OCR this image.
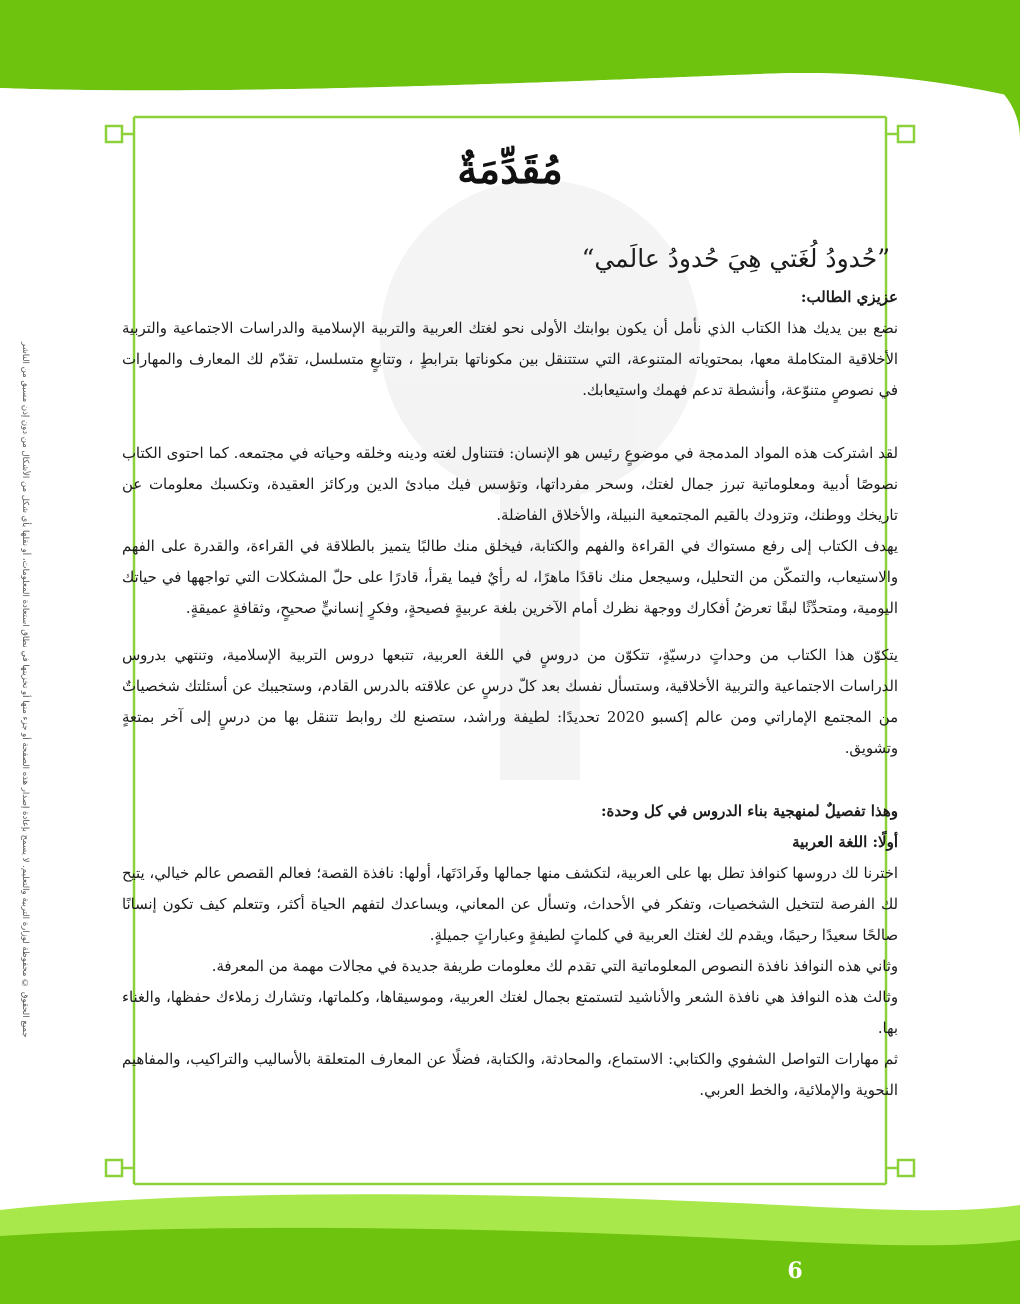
جميع الحقوق © محفوظة لوزارة التربية والتعليم. لا يسمح بإعادة إصدار هذه الصفحة أو جزء منها أو تخزينها في نطاق استعادة المعلومات، أو نقلها بأي شكل من الأشكال من دون إذن مسبق من الناشر
مُقَدِّمَةٌ
”حُدودُ لُغَتي هِيَ حُدودُ عالَمي“

عزيزي الطالب:

نضع بين يديك هذا الكتاب الذي نأمل أن يكون بوابتك الأولى نحو لغتك العربية والتربية الإسلامية والدراسات الاجتماعية والتربية الأخلاقية المتكاملة معها، بمحتوياته المتنوعة، التي ستتنقل بين مكوناتها بترابطٍ ، وتتابعٍ متسلسل، تقدّم لك المعارف والمهارات في نصوصٍ متنوّعة، وأنشطة تدعم فهمك واستيعابك.

لقد اشتركت هذه المواد المدمجة في موضوعٍ رئيس هو الإنسان: فتتناول لغته ودينه وخلقه وحياته في مجتمعه. كما احتوى الكتاب نصوصًا أدبية ومعلوماتية تبرز جمال لغتك، وسحر مفرداتها، وتؤسس فيك مبادئ الدين وركائز العقيدة، وتكسبك معلومات عن تاريخك ووطنك، وتزودك بالقيم المجتمعية النبيلة، والأخلاق الفاضلة.

يهدف الكتاب إلى رفع مستواك في القراءة والفهم والكتابة، فيخلق منك طالبًا يتميز بالطلاقة في القراءة، والقدرة على الفهم والاستيعاب، والتمكّن من التحليل، وسيجعل منك ناقدًا ماهرًا، له رأيٌ فيما يقرأ، قادرًا على حلّ المشكلات التي تواجهها في حياتك اليومية، ومتحدِّثًا لبقًا تعرضُ أفكارك ووجهة نظرك أمام الآخرين بلغة عربيةٍ فصيحةٍ، وفكرٍ إنسانيٍّ صحيحٍ، وثقافةٍ عميقةٍ.

يتكوّن هذا الكتاب من وحداتٍ درسيّةٍ، تتكوّن من دروسٍ في اللغة العربية، تتبعها دروس التربية الإسلامية، وتنتهي بدروس الدراسات الاجتماعية والتربية الأخلاقية، وستسأل نفسك بعد كلّ درسٍ عن علاقته بالدرس القادم، وستجيبك عن أسئلتك شخصياتٌ من المجتمع الإماراتي ومن عالم إكسبو 2020 تحديدًا: لطيفة وراشد، ستصنع لك روابط تتنقل بها من درسٍ إلى آخر بمتعةٍ وتشويق.

وهذا تفصيلٌ لمنهجية بناء الدروس في كل وحدة:

أولًا: اللغة العربية

اخترنا لك دروسها كنوافذ تطل بها على العربية، لتكشف منها جمالها وفَرادَتَها، أولها: نافذة القصة؛ فعالم القصص عالم خيالي، يتيح لك الفرصة لتتخيل الشخصيات، وتفكر في الأحداث، وتسأل عن المعاني، ويساعدك لتفهم الحياة أكثر، وتتعلم كيف تكون إنسانًا صالحًا سعيدًا رحيمًا، ويقدم لك لغتك العربية في كلماتٍ لطيفةٍ وعباراتٍ جميلةٍ.

وثاني هذه النوافذ نافذة النصوص المعلوماتية التي تقدم لك معلومات طريفة جديدة في مجالات مهمة من المعرفة.

وثالث هذه النوافذ هي نافذة الشعر والأناشيد لتستمتع بجمال لغتك العربية، وموسيقاها، وكلماتها، وتشارك زملاءك حفظها، والغناء بها.

ثم مهارات التواصل الشفوي والكتابي: الاستماع، والمحادثة، والكتابة، فضلًا عن المعارف المتعلقة بالأساليب والتراكيب، والمفاهيم النحوية والإملائية، والخط العربي.

6
